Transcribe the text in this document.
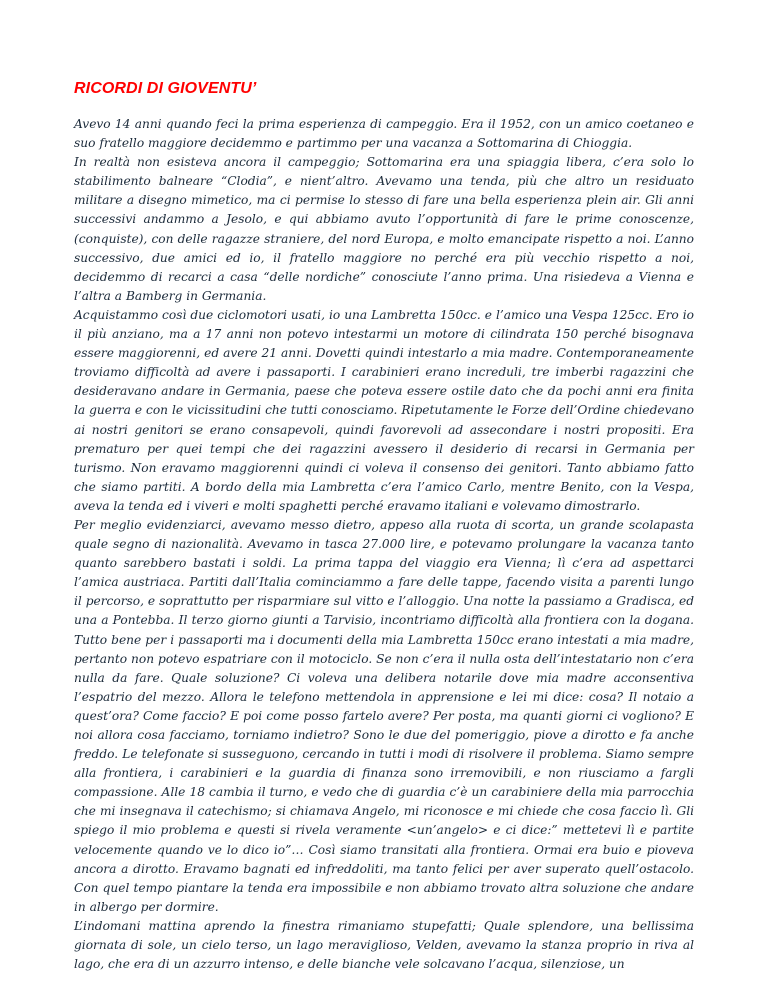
RICORDI DI GIOVENTU’

Avevo 14 anni quando feci la prima esperienza di campeggio. Era il 1952, con un amico coetaneo e suo fratello maggiore decidemmo e partimmo per una vacanza a Sottomarina di Chioggia.

In realtà non esisteva ancora il campeggio; Sottomarina era una spiaggia libera, c’era solo lo stabilimento balneare “Clodia”, e nient’altro. Avevamo una tenda, più che altro un residuato militare a disegno mimetico, ma ci permise lo stesso di fare una bella esperienza plein air. Gli anni successivi andammo a Jesolo, e qui abbiamo avuto l’opportunità di fare le prime conoscenze, (conquiste), con delle ragazze straniere, del nord Europa, e molto emancipate rispetto a noi. L’anno successivo, due amici ed io, il fratello maggiore no perché era più vecchio rispetto a noi, decidemmo di recarci a casa “delle nordiche” conosciute l’anno prima. Una risiedeva a Vienna e l’altra a Bamberg in Germania.

Acquistammo così due ciclomotori usati, io una Lambretta 150cc. e l’amico una Vespa 125cc. Ero io il più anziano, ma a 17 anni non potevo intestarmi un motore di cilindrata 150 perché bisognava essere maggiorenni, ed avere 21 anni. Dovetti quindi intestarlo a mia madre. Contemporaneamente troviamo difficoltà ad avere i passaporti. I carabinieri erano increduli, tre imberbi ragazzini che desideravano andare in Germania, paese che poteva essere ostile dato che da pochi anni era finita la guerra e con le vicissitudini che tutti conosciamo. Ripetutamente le Forze dell’Ordine chiedevano ai nostri genitori se erano consapevoli, quindi favorevoli ad assecondare i nostri propositi. Era prematuro per quei tempi che dei ragazzini avessero il desiderio di recarsi in Germania per turismo. Non eravamo maggiorenni quindi ci voleva il consenso dei genitori. Tanto abbiamo fatto che siamo partiti. A bordo della mia Lambretta c’era l’amico Carlo, mentre Benito, con la Vespa, aveva la tenda ed i viveri e molti spaghetti perché eravamo italiani e volevamo dimostrarlo.

Per meglio evidenziarci, avevamo messo dietro, appeso alla ruota di scorta, un grande scolapasta quale segno di nazionalità. Avevamo in tasca 27.000 lire, e potevamo prolungare la vacanza tanto quanto sarebbero bastati i soldi. La prima tappa del viaggio era Vienna; lì c’era ad aspettarci l’amica austriaca. Partiti dall’Italia cominciammo a fare delle tappe, facendo visita a parenti lungo il percorso, e soprattutto per risparmiare sul vitto e l’alloggio. Una notte la passiamo a Gradisca, ed una a Pontebba. Il terzo giorno giunti a Tarvisio, incontriamo difficoltà alla frontiera con la dogana. Tutto bene per i passaporti ma i documenti della mia Lambretta 150cc erano intestati a mia madre, pertanto non potevo espatriare con il motociclo. Se non c’era il nulla osta dell’intestatario non c’era nulla da fare. Quale soluzione? Ci voleva una delibera notarile dove mia madre acconsentiva l’espatrio del mezzo. Allora le telefono mettendola in apprensione e lei mi dice: cosa? Il notaio a quest’ora? Come faccio? E poi come posso fartelo avere? Per posta, ma quanti giorni ci vogliono? E noi allora cosa facciamo, torniamo indietro? Sono le due del pomeriggio, piove a dirotto e fa anche freddo. Le telefonate si susseguono, cercando in tutti i modi di risolvere il problema. Siamo sempre alla frontiera, i carabinieri e la guardia di finanza sono irremovibili, e non riusciamo a fargli compassione. Alle 18 cambia il turno, e vedo che di guardia c’è un carabiniere della mia parrocchia che mi insegnava il catechismo; si chiamava Angelo, mi riconosce e mi chiede che cosa faccio lì. Gli spiego il mio problema e questi si rivela veramente <un’angelo> e ci dice:” mettetevi lì e partite velocemente quando ve lo dico io”… Così siamo transitati alla frontiera. Ormai era buio e pioveva ancora a dirotto. Eravamo bagnati ed infreddoliti, ma tanto felici per aver superato quell’ostacolo. Con quel tempo piantare la tenda era impossibile e non abbiamo trovato altra soluzione che andare in albergo per dormire.

L’indomani mattina aprendo la finestra rimaniamo stupefatti; Quale splendore, una bellissima giornata di sole, un cielo terso, un lago meraviglioso, Velden, avevamo la stanza proprio in riva al lago, che era di un azzurro intenso, e delle bianche vele solcavano l’acqua, silenziose, un
